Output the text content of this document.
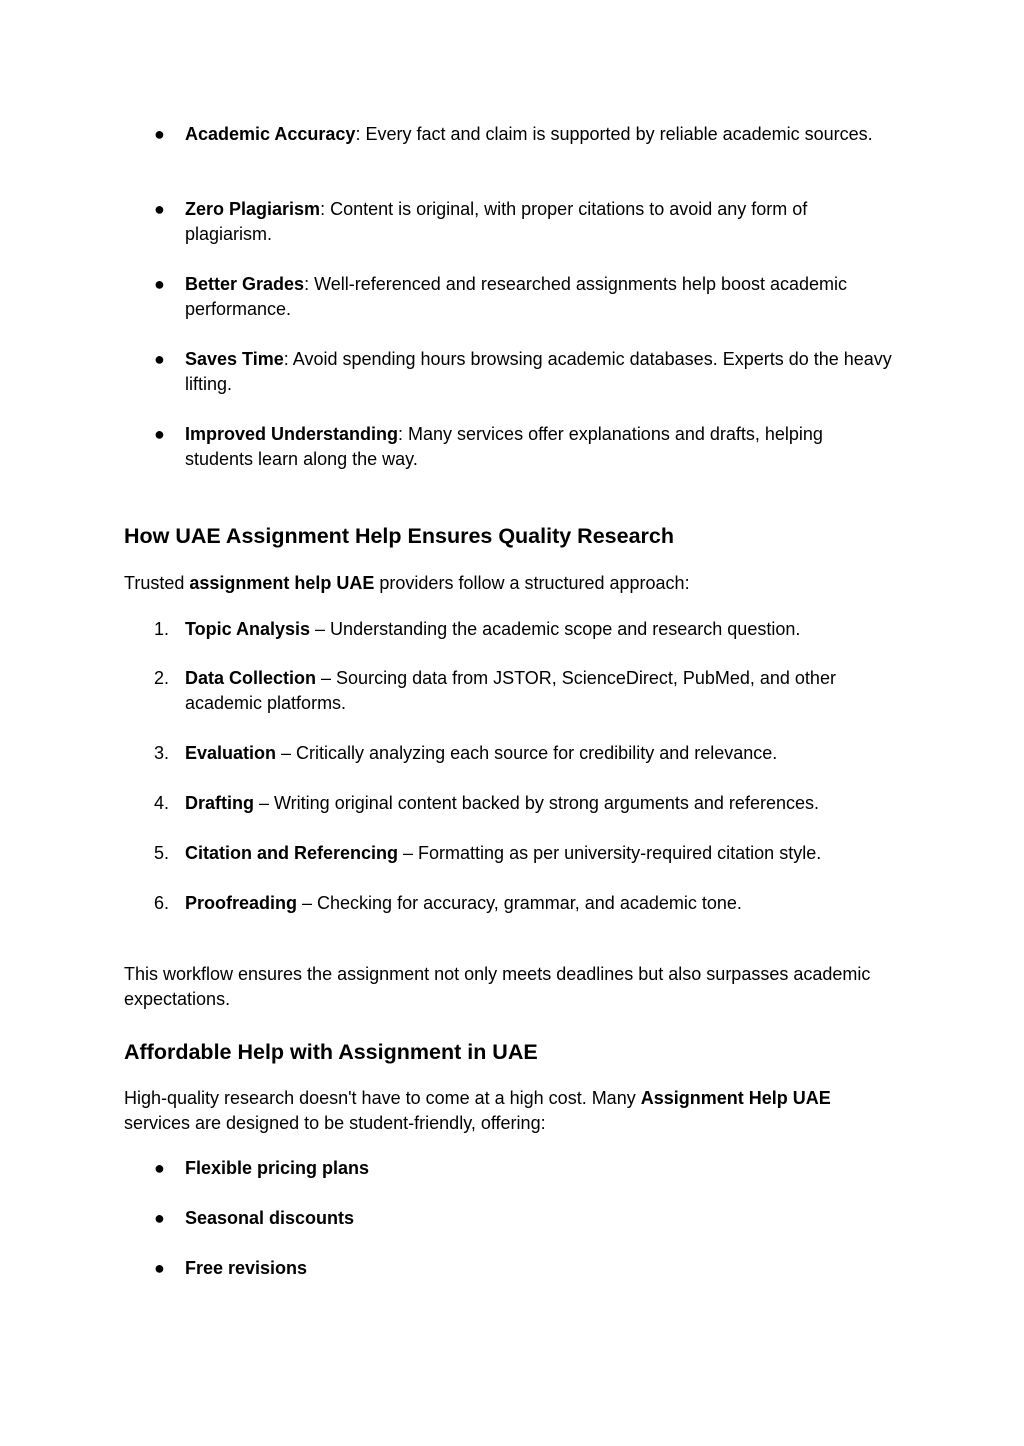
●	Academic Accuracy: Every fact and claim is supported by reliable academic sources.
●	Zero Plagiarism: Content is original, with proper citations to avoid any form of plagiarism.
●	Better Grades: Well-referenced and researched assignments help boost academic performance.
●	Saves Time: Avoid spending hours browsing academic databases. Experts do the heavy lifting.
●	Improved Understanding: Many services offer explanations and drafts, helping students learn along the way.
How UAE Assignment Help Ensures Quality Research
Trusted assignment help UAE providers follow a structured approach:
1. Topic Analysis – Understanding the academic scope and research question.
2. Data Collection – Sourcing data from JSTOR, ScienceDirect, PubMed, and other academic platforms.
3. Evaluation – Critically analyzing each source for credibility and relevance.
4. Drafting – Writing original content backed by strong arguments and references.
5. Citation and Referencing – Formatting as per university-required citation style.
6. Proofreading – Checking for accuracy, grammar, and academic tone.
This workflow ensures the assignment not only meets deadlines but also surpasses academic expectations.
Affordable Help with Assignment in UAE
High-quality research doesn't have to come at a high cost. Many Assignment Help UAE services are designed to be student-friendly, offering:
●	Flexible pricing plans
●	Seasonal discounts
●	Free revisions
